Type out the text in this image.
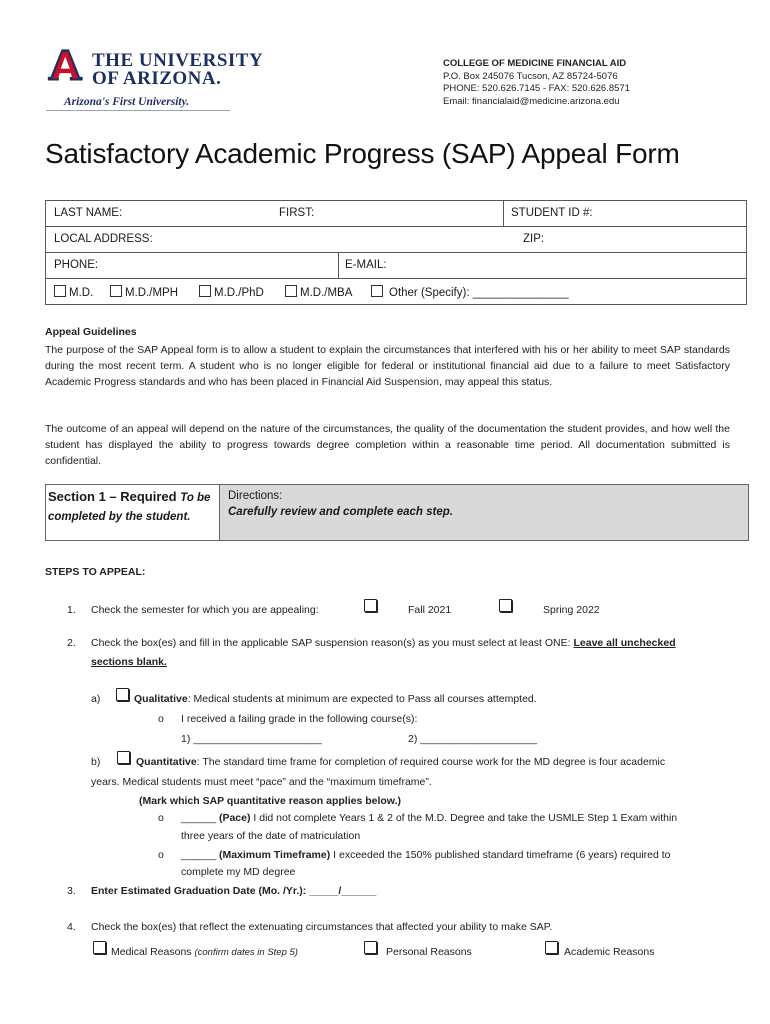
THE UNIVERSITY
OF ARIZONA.
Arizona's First University.
COLLEGE OF MEDICINE FINANCIAL AID
P.O. Box 245076 Tucson, AZ 85724-5076
PHONE: 520.626.7145 - FAX: 520.626.8571
Email: financialaid@medicine.arizona.edu
Satisfactory Academic Progress (SAP) Appeal Form
LAST NAME:	FIRST:	STUDENT ID #:
LOCAL ADDRESS:	ZIP:
PHONE:	E-MAIL:
M.D.	M.D./MPH	M.D./PhD	M.D./MBA	Other (Specify): _______________
Appeal Guidelines
The purpose of the SAP Appeal form is to allow a student to explain the circumstances that interfered with his or her ability to meet SAP standards during the most recent term. A student who is no longer eligible for federal or institutional financial aid due to a failure to meet Satisfactory Academic Progress standards and who has been placed in Financial Aid Suspension, may appeal this status.
The outcome of an appeal will depend on the nature of the circumstances, the quality of the documentation the student provides, and how well the student has displayed the ability to progress towards degree completion within a reasonable time period. All documentation submitted is confidential.
Section 1 – Required To be completed by the student.
Directions:
Carefully review and complete each step.
STEPS TO APPEAL:
1. Check the semester for which you are appealing:	Fall 2021	Spring 2022
2. Check the box(es) and fill in the applicable SAP suspension reason(s) as you must select at least ONE: Leave all unchecked
sections blank.
a)	Qualitative: Medical students at minimum are expected to Pass all courses attempted.
o I received a failing grade in the following course(s):
1) ______________________	2) ____________________
b)	Quantitative: The standard time frame for completion of required course work for the MD degree is four academic
years. Medical students must meet “pace” and the “maximum timeframe”.
(Mark which SAP quantitative reason applies below.)
o ______ (Pace) I did not complete Years 1 & 2 of the M.D. Degree and take the USMLE Step 1 Exam within
three years of the date of matriculation
o ______ (Maximum Timeframe) I exceeded the 150% published standard timeframe (6 years) required to
complete my MD degree
3. Enter Estimated Graduation Date (Mo. /Yr.): _____/______
4. Check the box(es) that reflect the extenuating circumstances that affected your ability to make SAP.
Medical Reasons (confirm dates in Step 5)	Personal Reasons	Academic Reasons
